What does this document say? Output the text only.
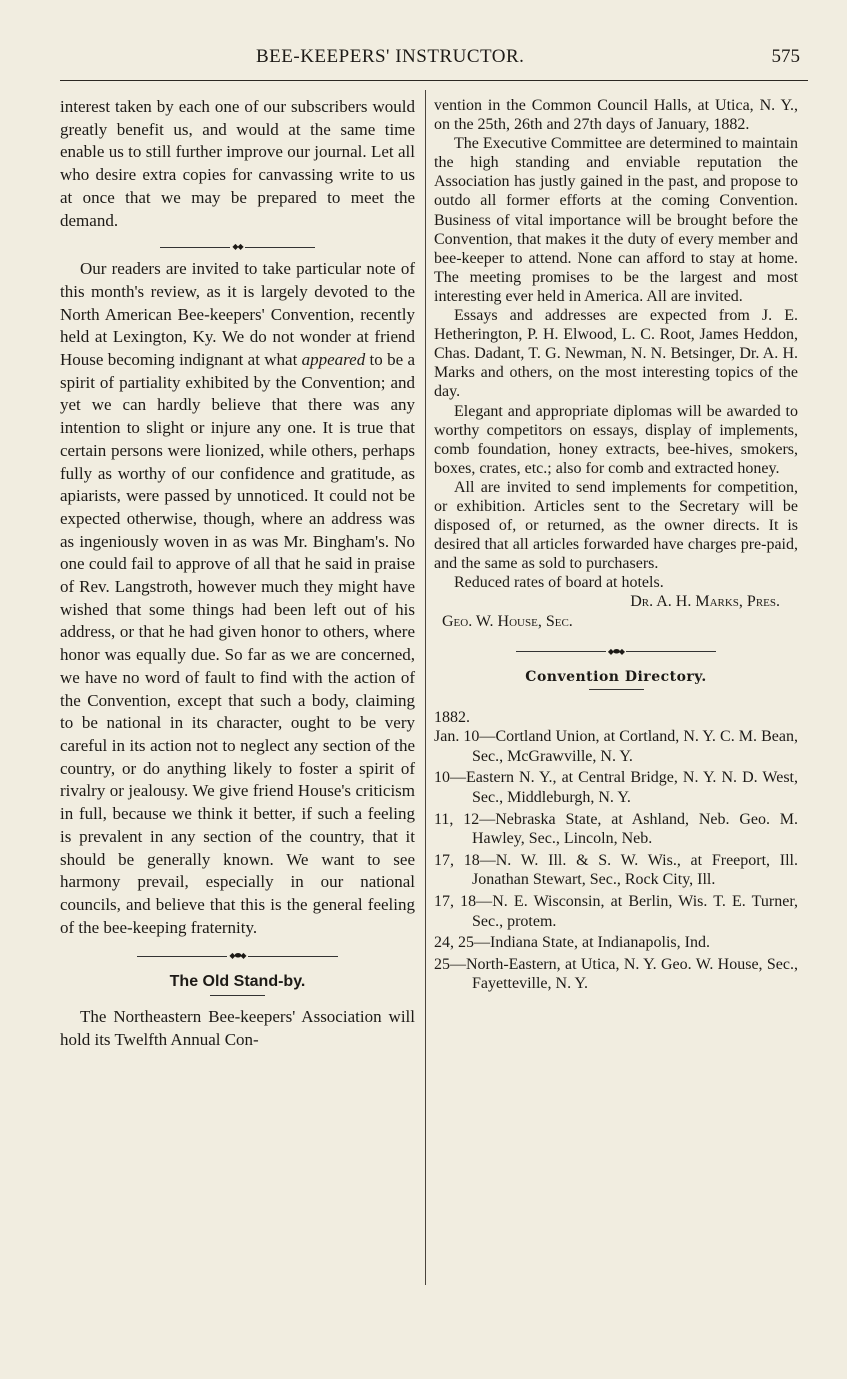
BEE-KEEPERS' INSTRUCTOR.	575

interest taken by each one of our subscribers would greatly benefit us, and would at the same time enable us to still further improve our journal. Let all who desire extra copies for canvassing write to us at once that we may be prepared to meet the demand.

◆◆

Our readers are invited to take particular note of this month's review, as it is largely devoted to the North American Bee-keepers' Convention, recently held at Lexington, Ky. We do not wonder at friend House becoming indignant at what appeared to be a spirit of partiality exhibited by the Convention; and yet we can hardly believe that there was any intention to slight or injure any one. It is true that certain persons were lionized, while others, perhaps fully as worthy of our confidence and gratitude, as apiarists, were passed by unnoticed. It could not be expected otherwise, though, where an address was as ingeniously woven in as was Mr. Bingham's. No one could fail to approve of all that he said in praise of Rev. Langstroth, however much they might have wished that some things had been left out of his address, or that he had given honor to others, where honor was equally due. So far as we are concerned, we have no word of fault to find with the action of the Convention, except that such a body, claiming to be national in its character, ought to be very careful in its action not to neglect any section of the country, or do anything likely to foster a spirit of rivalry or jealousy. We give friend House's criticism in full, because we think it better, if such a feeling is prevalent in any section of the country, that it should be generally known. We want to see harmony prevail, especially in our national councils, and believe that this is the general feeling of the bee-keeping fraternity.

◆⬬◆
The Old Stand-by.

The Northeastern Bee-keepers' Association will hold its Twelfth Annual Con-

vention in the Common Council Halls, at Utica, N. Y., on the 25th, 26th and 27th days of January, 1882.

The Executive Committee are determined to maintain the high standing and enviable reputation the Association has justly gained in the past, and propose to outdo all former efforts at the coming Convention. Business of vital importance will be brought before the Convention, that makes it the duty of every member and bee-keeper to attend. None can afford to stay at home. The meeting promises to be the largest and most interesting ever held in America. All are invited.

Essays and addresses are expected from J. E. Hetherington, P. H. Elwood, L. C. Root, James Heddon, Chas. Dadant, T. G. Newman, N. N. Betsinger, Dr. A. H. Marks and others, on the most interesting topics of the day.

Elegant and appropriate diplomas will be awarded to worthy competitors on essays, display of implements, comb foundation, honey extracts, bee-hives, smokers, boxes, crates, etc.; also for comb and extracted honey.

All are invited to send implements for competition, or exhibition. Articles sent to the Secretary will be disposed of, or returned, as the owner directs. It is desired that all articles forwarded have charges pre-paid, and the same as sold to purchasers.

Reduced rates of board at hotels.

Dr. A. H. Marks, Pres.

Geo. W. House, Sec.

◆⬬◆
Convention Directory.

1882.

Jan. 10—Cortland Union, at Cortland, N. Y. C. M. Bean, Sec., McGrawville, N. Y.

10—Eastern N. Y., at Central Bridge, N. Y. N. D. West, Sec., Middleburgh, N. Y.

11, 12—Nebraska State, at Ashland, Neb. Geo. M. Hawley, Sec., Lincoln, Neb.

17, 18—N. W. Ill. & S. W. Wis., at Freeport, Ill. Jonathan Stewart, Sec., Rock City, Ill.

17, 18—N. E. Wisconsin, at Berlin, Wis. T. E. Turner, Sec., protem.

24, 25—Indiana State, at Indianapolis, Ind.

25—North-Eastern, at Utica, N. Y. Geo. W. House, Sec., Fayetteville, N. Y.
